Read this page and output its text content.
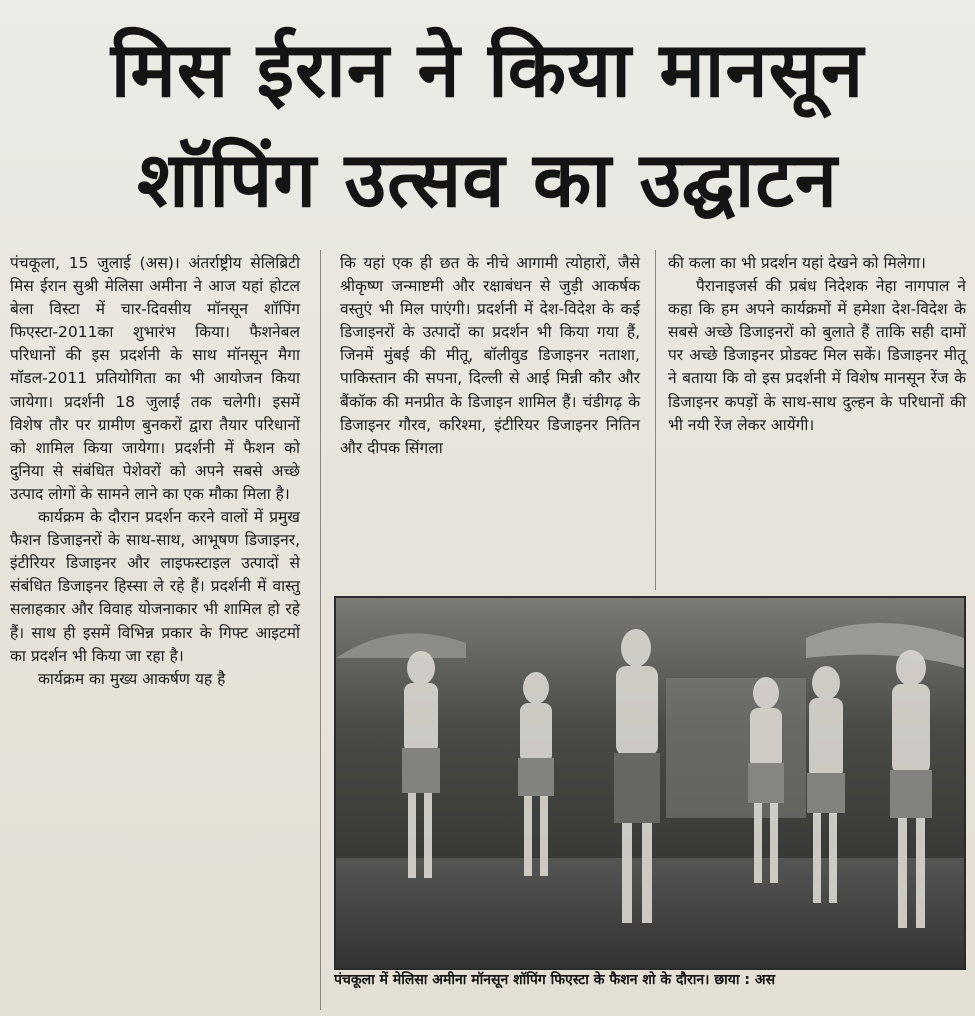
मिस ईरान ने किया मानसून
शॉपिंग उत्सव का उद्घाटन

पंचकूला, 15 जुलाई (अस)। अंतर्राष्ट्रीय सेलिब्रिटी मिस ईरान सुश्री मेलिसा अमीना ने आज यहां होटल बेला विस्टा में चार-दिवसीय मॉनसून शॉपिंग फिएस्टा-2011का शुभारंभ किया। फैशनेबल परिधानों की इस प्रदर्शनी के साथ मॉनसून मैगा मॉडल-2011 प्रतियोगिता का भी आयोजन किया जायेगा। प्रदर्शनी 18 जुलाई तक चलेगी। इसमें विशेष तौर पर ग्रामीण बुनकरों द्वारा तैयार परिधानों को शामिल किया जायेगा। प्रदर्शनी में फैशन को दुनिया से संबंधित पेशेवरों को अपने सबसे अच्छे उत्पाद लोगों के सामने लाने का एक मौका मिला है।

कार्यक्रम के दौरान प्रदर्शन करने वालों में प्रमुख फैशन डिजाइनरों के साथ-साथ, आभूषण डिजाइनर, इंटीरियर डिजाइनर और लाइफस्टाइल उत्पादों से संबंधित डिजाइनर हिस्सा ले रहे हैं। प्रदर्शनी में वास्तु सलाहकार और विवाह योजनाकार भी शामिल हो रहे हैं। साथ ही इसमें विभिन्न प्रकार के गिफ्ट आइटमों का प्रदर्शन भी किया जा रहा है।

कार्यक्रम का मुख्य आकर्षण यह है

कि यहां एक ही छत के नीचे आगामी त्योहारों, जैसे श्रीकृष्ण जन्माष्टमी और रक्षाबंधन से जुड़ी आकर्षक वस्तुएं भी मिल पाएंगी। प्रदर्शनी में देश-विदेश के कई डिजाइनरों के उत्पादों का प्रदर्शन भी किया गया हैं, जिनमें मुंबई की मीतू, बॉलीवुड डिजाइनर नताशा, पाकिस्तान की सपना, दिल्ली से आई मिन्नी कौर और बैंकॉक की मनप्रीत के डिजाइन शामिल हैं। चंडीगढ़ के डिजाइनर गौरव, करिश्मा, इंटीरियर डिजाइनर नितिन और दीपक सिंगला

की कला का भी प्रदर्शन यहां देखने को मिलेगा।

पैरानाइजर्स की प्रबंध निदेशक नेहा नागपाल ने कहा कि हम अपने कार्यक्रमों में हमेशा देश-विदेश के सबसे अच्छे डिजाइनरों को बुलाते हैं ताकि सही दामों पर अच्छे डिजाइनर प्रोडक्ट मिल सकें। डिजाइनर मीतू ने बताया कि वो इस प्रदर्शनी में विशेष मानसून रेंज के डिजाइनर कपड़ों के साथ-साथ दुल्हन के परिधानों की भी नयी रेंज लेकर आयेंगी।

पंचकूला में मेलिसा अमीना मॉनसून शॉपिंग फिएस्टा के फैशन शो के दौरान। छाया : अस
